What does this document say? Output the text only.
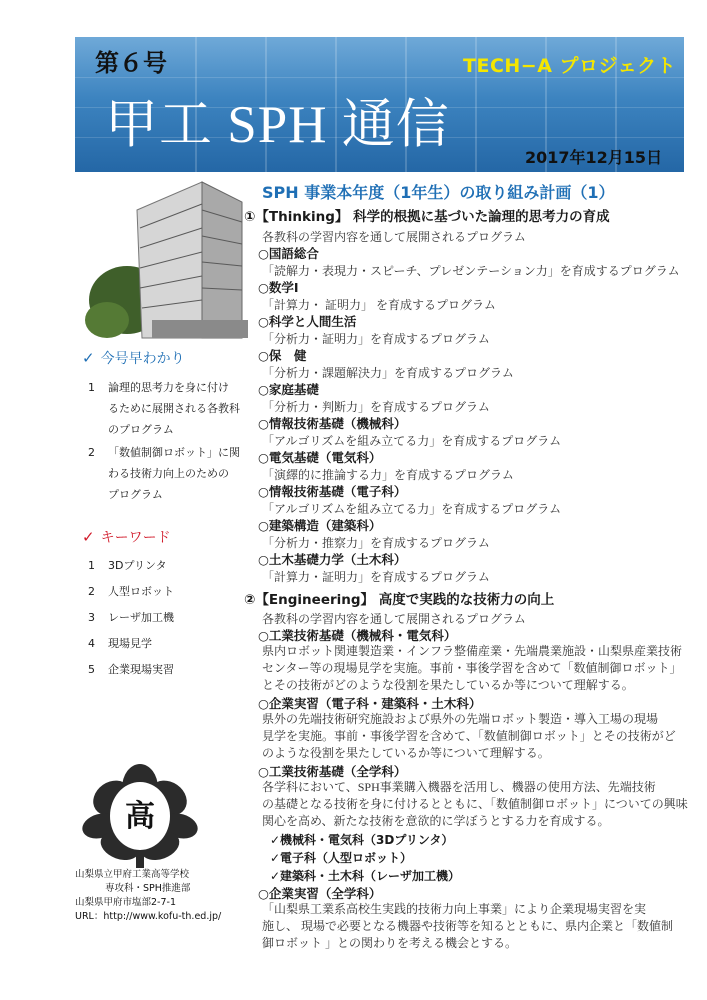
第６号	TECH−A プロジェクト
甲工 SPH 通信
2017年12月15日
✓ 今号早わかり
1	論理的思考力を身に付け
るために展開される各教科
のプログラム
2	「数値制御ロボット」に関
わる技術力向上のための
プログラム
✓ キーワード
1	3Dプリンタ
2	人型ロボット
3	レーザ加工機
4	現場見学
5	企業現場実習
高
山梨県立甲府工業高等学校
専攻科・SPH推進部
山梨県甲府市塩部2-7-1
URL：http://www.kofu-th.ed.jp/
SPH 事業本年度（1年生）の取り組み計画（1）
①【Thinking】 科学的根拠に基づいた論理的思考力の育成
各教科の学習内容を通して展開されるプログラム
○国語総合
「読解力・表現力・スピーチ、プレゼンテーション力」を育成するプログラム
○数学Ⅰ
「計算力・ 証明力」 を育成するプログラム
○科学と人間生活
「分析力・証明力」を育成するプログラム
○保　健
「分析力・課題解決力」を育成するプログラム
○家庭基礎
「分析力・判断力」を育成するプログラム
○情報技術基礎（機械科）
「アルゴリズムを組み立てる力」を育成するプログラム
○電気基礎（電気科）
「演繹的に推論する力」を育成するプログラム
○情報技術基礎（電子科）
「アルゴリズムを組み立てる力」を育成するプログラム
○建築構造（建築科）
「分析力・推察力」を育成するプログラム
○土木基礎力学（土木科）
「計算力・証明力」を育成するプログラム
②【Engineering】 高度で実践的な技術力の向上
各教科の学習内容を通して展開されるプログラム
○工業技術基礎（機械科・電気科）
県内ロボット関連製造業・インフラ整備産業・先端農業施設・山梨県産業技術
センター等の現場見学を実施。事前・事後学習を含めて「数値制御ロボット」
とその技術がどのような役割を果たしているか等について理解する。
○企業実習（電子科・建築科・土木科）
県外の先端技術研究施設および県外の先端ロボット製造・導入工場の現場
見学を実施。事前・事後学習を含めて、「数値制御ロボット」とその技術がど
のような役割を果たしているか等について理解する。
○工業技術基礎（全学科）
各学科において、SPH事業購入機器を活用し、機器の使用方法、先端技術
の基礎となる技術を身に付けるとともに、「数値制御ロボット」についての興味
関心を高め、新たな技術を意欲的に学ぼうとする力を育成する。
✓機械科・電気科（3Dプリンタ）
✓電子科（人型ロボット）
✓建築科・土木科（レーザ加工機）
○企業実習（全学科）
「山梨県工業系高校生実践的技術力向上事業」により企業現場実習を実
施し、 現場で必要となる機器や技術等を知るとともに、県内企業と「数値制
御ロボット 」との関わりを考える機会とする。
